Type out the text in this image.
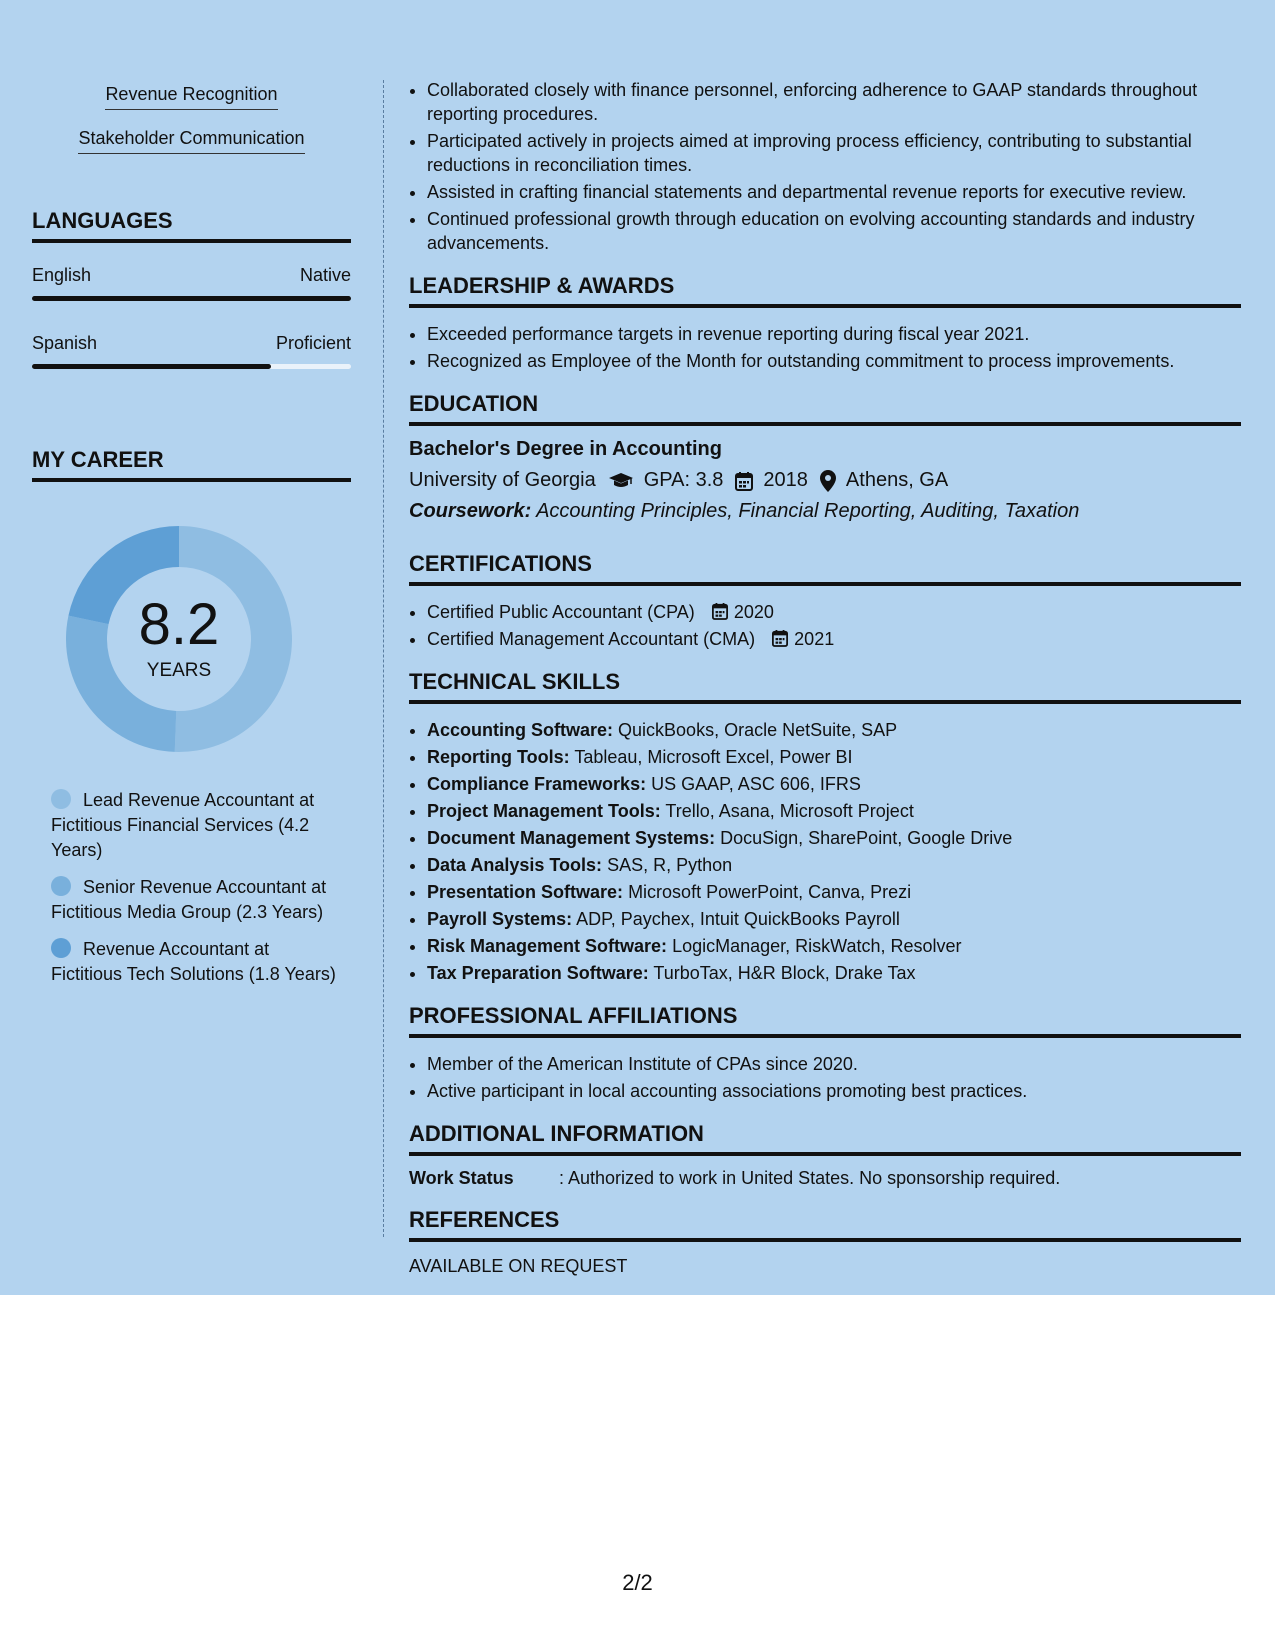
Revenue Recognition
Stakeholder Communication
LANGUAGES
English	Native
Spanish	Proficient
MY CAREER
8.2
YEARS
Lead Revenue Accountant at Fictitious Financial Services (4.2 Years)
Senior Revenue Accountant at Fictitious Media Group (2.3 Years)
Revenue Accountant at Fictitious Tech Solutions (1.8 Years)
• Collaborated closely with finance personnel, enforcing adherence to GAAP standards throughout reporting procedures.
• Participated actively in projects aimed at improving process efficiency, contributing to substantial reductions in reconciliation times.
• Assisted in crafting financial statements and departmental revenue reports for executive review.
• Continued professional growth through education on evolving accounting standards and industry advancements.
LEADERSHIP & AWARDS
• Exceeded performance targets in revenue reporting during fiscal year 2021.
• Recognized as Employee of the Month for outstanding commitment to process improvements.
EDUCATION
Bachelor's Degree in Accounting
University of Georgia GPA: 3.8 2018 Athens, GA
Coursework: Accounting Principles, Financial Reporting, Auditing, Taxation
CERTIFICATIONS
• Certified Public Accountant (CPA) 2020
• Certified Management Accountant (CMA) 2021
TECHNICAL SKILLS
• Accounting Software: QuickBooks, Oracle NetSuite, SAP
• Reporting Tools: Tableau, Microsoft Excel, Power BI
• Compliance Frameworks: US GAAP, ASC 606, IFRS
• Project Management Tools: Trello, Asana, Microsoft Project
• Document Management Systems: DocuSign, SharePoint, Google Drive
• Data Analysis Tools: SAS, R, Python
• Presentation Software: Microsoft PowerPoint, Canva, Prezi
• Payroll Systems: ADP, Paychex, Intuit QuickBooks Payroll
• Risk Management Software: LogicManager, RiskWatch, Resolver
• Tax Preparation Software: TurboTax, H&R Block, Drake Tax
PROFESSIONAL AFFILIATIONS
• Member of the American Institute of CPAs since 2020.
• Active participant in local accounting associations promoting best practices.
ADDITIONAL INFORMATION
Work Status	: Authorized to work in United States. No sponsorship required.
REFERENCES
AVAILABLE ON REQUEST
2/2
